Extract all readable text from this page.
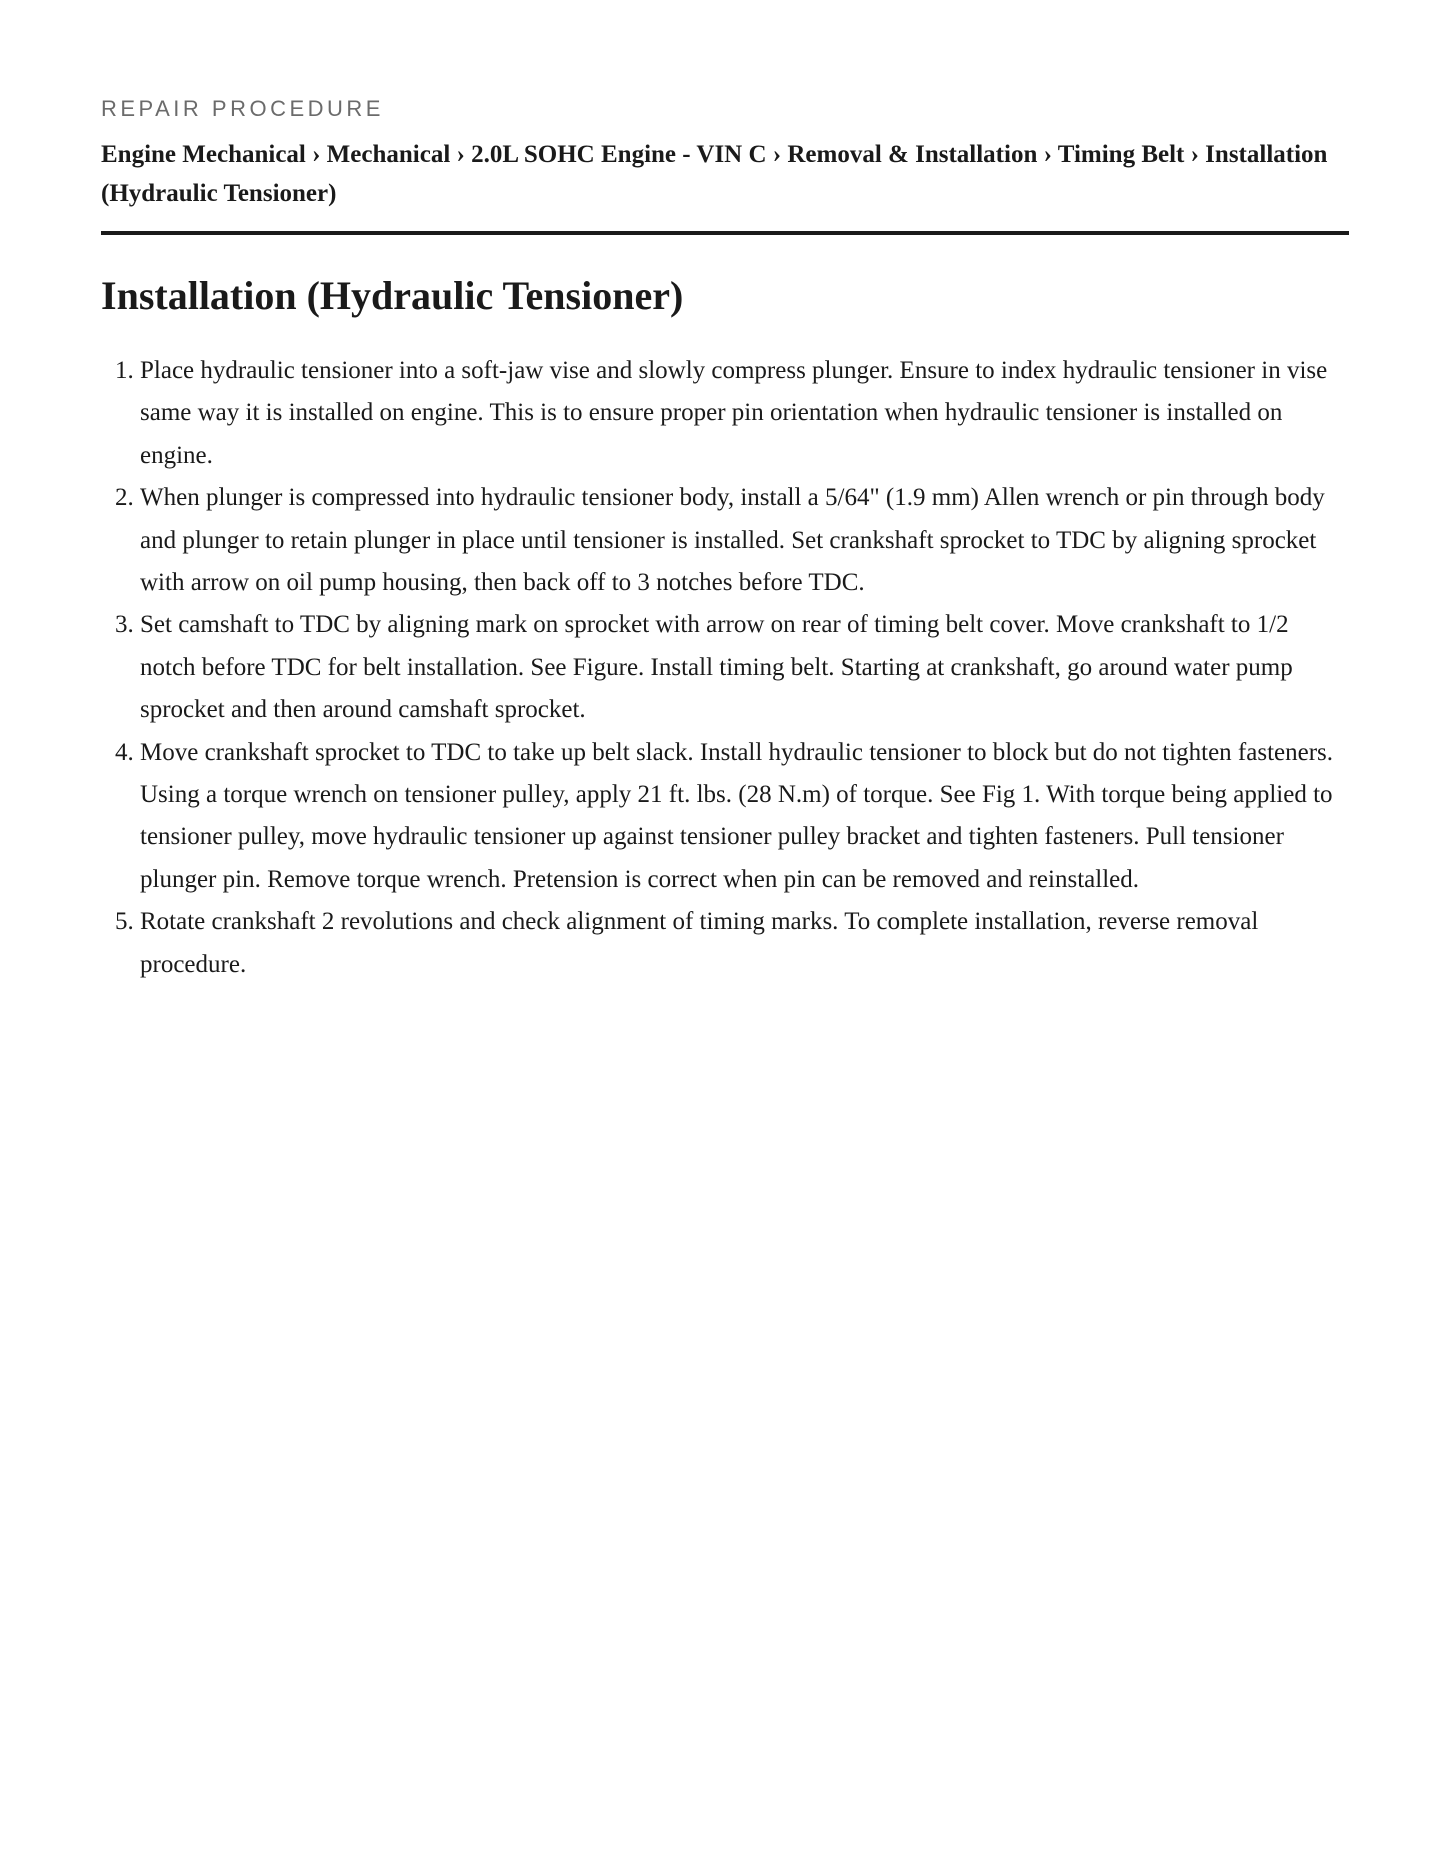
REPAIR PROCEDURE

Engine Mechanical › Mechanical › 2.0L SOHC Engine - VIN C › Removal & Installation › Timing Belt › Installation (Hydraulic Tensioner)
Installation (Hydraulic Tensioner)
1. Place hydraulic tensioner into a soft-jaw vise and slowly compress plunger. Ensure to index hydraulic tensioner in vise same way it is installed on engine. This is to ensure proper pin orientation when hydraulic tensioner is installed on engine.
2. When plunger is compressed into hydraulic tensioner body, install a 5/64" (1.9 mm) Allen wrench or pin through body and plunger to retain plunger in place until tensioner is installed. Set crankshaft sprocket to TDC by aligning sprocket with arrow on oil pump housing, then back off to 3 notches before TDC.
3. Set camshaft to TDC by aligning mark on sprocket with arrow on rear of timing belt cover. Move crankshaft to 1/2 notch before TDC for belt installation. See Figure. Install timing belt. Starting at crankshaft, go around water pump sprocket and then around camshaft sprocket.
4. Move crankshaft sprocket to TDC to take up belt slack. Install hydraulic tensioner to block but do not tighten fasteners. Using a torque wrench on tensioner pulley, apply 21 ft. lbs. (28 N.m) of torque. See Fig 1. With torque being applied to tensioner pulley, move hydraulic tensioner up against tensioner pulley bracket and tighten fasteners. Pull tensioner plunger pin. Remove torque wrench. Pretension is correct when pin can be removed and reinstalled.
5. Rotate crankshaft 2 revolutions and check alignment of timing marks. To complete installation, reverse removal procedure.
